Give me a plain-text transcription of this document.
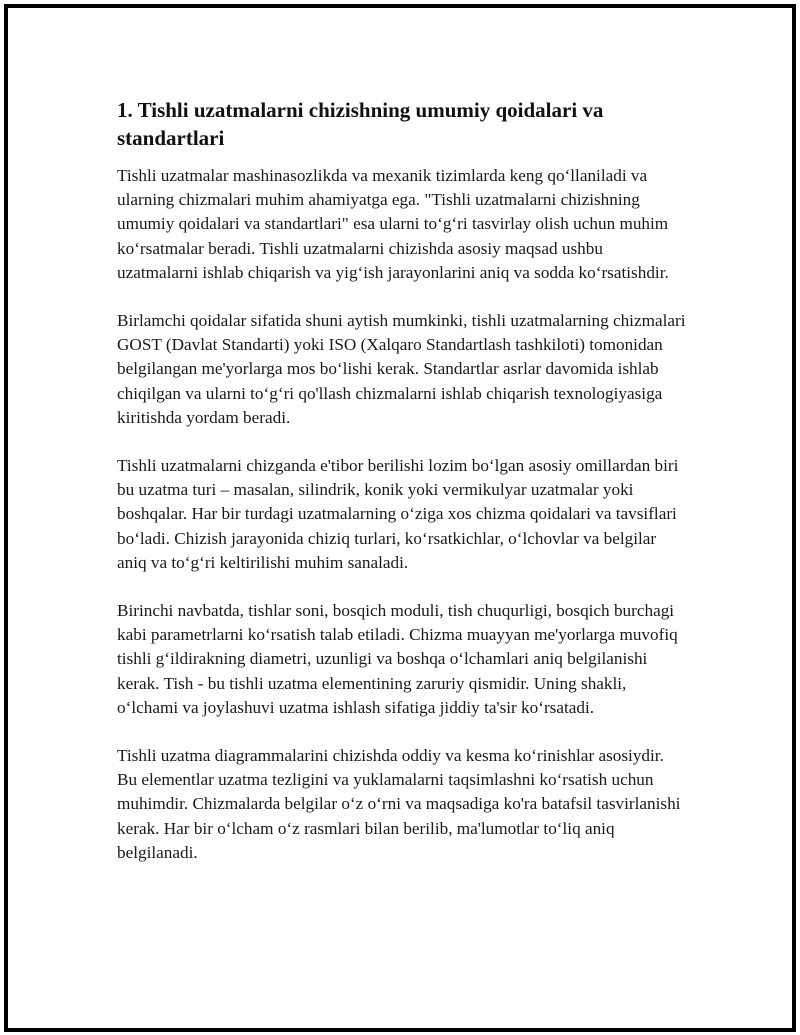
1. Tishli uzatmalarni chizishning umumiy qoidalari va standartlari

Tishli uzatmalar mashinasozlikda va mexanik tizimlarda keng qo‘llaniladi va ularning chizmalari muhim ahamiyatga ega. "Tishli uzatmalarni chizishning umumiy qoidalari va standartlari" esa ularni to‘g‘ri tasvirlay olish uchun muhim ko‘rsatmalar beradi. Tishli uzatmalarni chizishda asosiy maqsad ushbu uzatmalarni ishlab chiqarish va yig‘ish jarayonlarini aniq va sodda ko‘rsatishdir.

Birlamchi qoidalar sifatida shuni aytish mumkinki, tishli uzatmalarning chizmalari GOST (Davlat Standarti) yoki ISO (Xalqaro Standartlash tashkiloti) tomonidan belgilangan me'yorlarga mos bo‘lishi kerak. Standartlar asrlar davomida ishlab chiqilgan va ularni to‘g‘ri qo'llash chizmalarni ishlab chiqarish texnologiyasiga kiritishda yordam beradi.

Tishli uzatmalarni chizganda e'tibor berilishi lozim bo‘lgan asosiy omillardan biri bu uzatma turi – masalan, silindrik, konik yoki vermikulyar uzatmalar yoki boshqalar. Har bir turdagi uzatmalarning o‘ziga xos chizma qoidalari va tavsiflari bo‘ladi. Chizish jarayonida chiziq turlari, ko‘rsatkichlar, o‘lchovlar va belgilar aniq va to‘g‘ri keltirilishi muhim sanaladi.

Birinchi navbatda, tishlar soni, bosqich moduli, tish chuqurligi, bosqich burchagi kabi parametrlarni ko‘rsatish talab etiladi. Chizma muayyan me'yorlarga muvofiq tishli g‘ildirakning diametri, uzunligi va boshqa o‘lchamlari aniq belgilanishi kerak. Tish - bu tishli uzatma elementining zaruriy qismidir. Uning shakli, o‘lchami va joylashuvi uzatma ishlash sifatiga jiddiy ta'sir ko‘rsatadi.

Tishli uzatma diagrammalarini chizishda oddiy va kesma ko‘rinishlar asosiydir. Bu elementlar uzatma tezligini va yuklamalarni taqsimlashni ko‘rsatish uchun muhimdir. Chizmalarda belgilar o‘z o‘rni va maqsadiga ko'ra batafsil tasvirlanishi kerak. Har bir o‘lcham o‘z rasmlari bilan berilib, ma'lumotlar to‘liq aniq belgilanadi.
